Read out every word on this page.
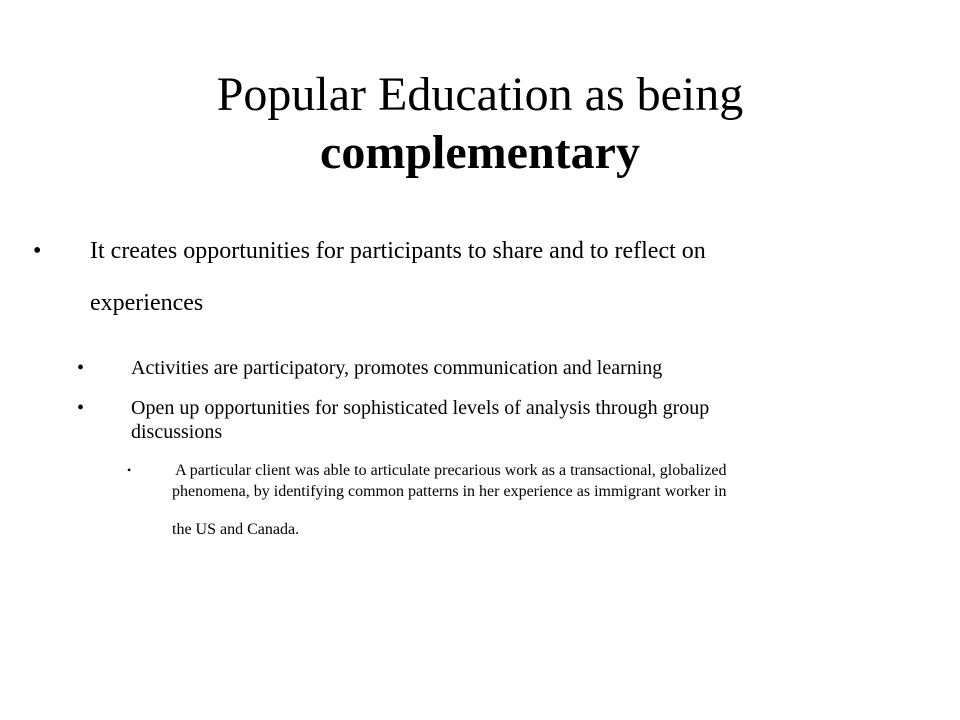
Popular Education as being
complementary
•	It creates opportunities for participants to share and to reflect on
experiences
•	Activities are participatory, promotes communication and learning
• Open up opportunities for sophisticated levels of analysis through group
discussions
•	A particular client was able to articulate precarious work as a transactional, globalized
phenomena, by identifying common patterns in her experience as immigrant worker in
the US and Canada.
